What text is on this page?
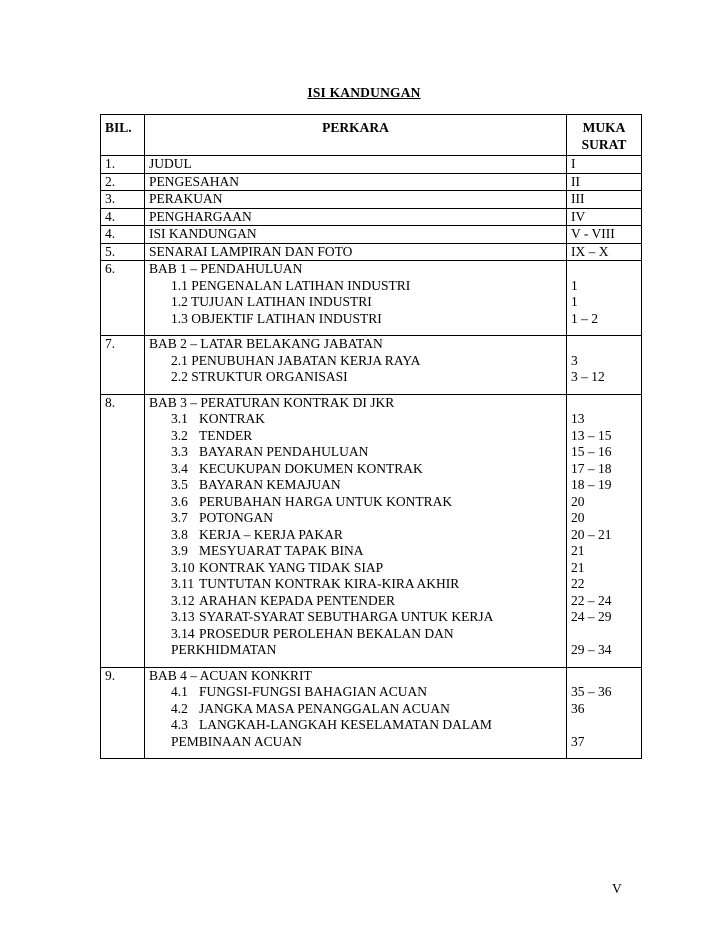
ISI KANDUNGAN
BIL.	PERKARA	MUKA
SURAT
1.	JUDUL	I
2.	PENGESAHAN	II
3.	PERAKUAN	III
4.	PENGHARGAAN	IV
4.	ISI KANDUNGAN	V - VIII
5.	SENARAI LAMPIRAN DAN FOTO	IX – X
6.	BAB 1 – PENDAHULUAN	
	1.1 PENGENALAN LATIHAN INDUSTRI	1
	1.2 TUJUAN LATIHAN INDUSTRI	1
	1.3 OBJEKTIF LATIHAN INDUSTRI	1 – 2
7.	BAB 2 – LATAR BELAKANG JABATAN	
	2.1 PENUBUHAN JABATAN KERJA RAYA	3
	2.2 STRUKTUR ORGANISASI	3 – 12
8.	BAB 3 – PERATURAN KONTRAK DI JKR	
	3.1 KONTRAK	13
	3.2 TENDER	13 – 15
	3.3 BAYARAN PENDAHULUAN	15 – 16
	3.4 KECUKUPAN DOKUMEN KONTRAK	17 – 18
	3.5 BAYARAN KEMAJUAN	18 – 19
	3.6 PERUBAHAN HARGA UNTUK KONTRAK	20
	3.7 POTONGAN	20
	3.8 KERJA – KERJA PAKAR	20 – 21
	3.9 MESYUARAT TAPAK BINA	21
	3.10 KONTRAK YANG TIDAK SIAP	21
	3.11 TUNTUTAN KONTRAK KIRA-KIRA AKHIR	22
	3.12 ARAHAN KEPADA PENTENDER	22 – 24
	3.13 SYARAT-SYARAT SEBUTHARGA UNTUK KERJA	24 – 29
	3.14 PROSEDUR PEROLEHAN BEKALAN DAN
PERKHIDMATAN	29 – 34
9.	BAB 4 – ACUAN KONKRIT	
	4.1 FUNGSI-FUNGSI BAHAGIAN ACUAN	35 – 36
	4.2 JANGKA MASA PENANGGALAN ACUAN	36
	4.3 LANGKAH-LANGKAH KESELAMATAN DALAM
PEMBINAAN ACUAN	37
V
